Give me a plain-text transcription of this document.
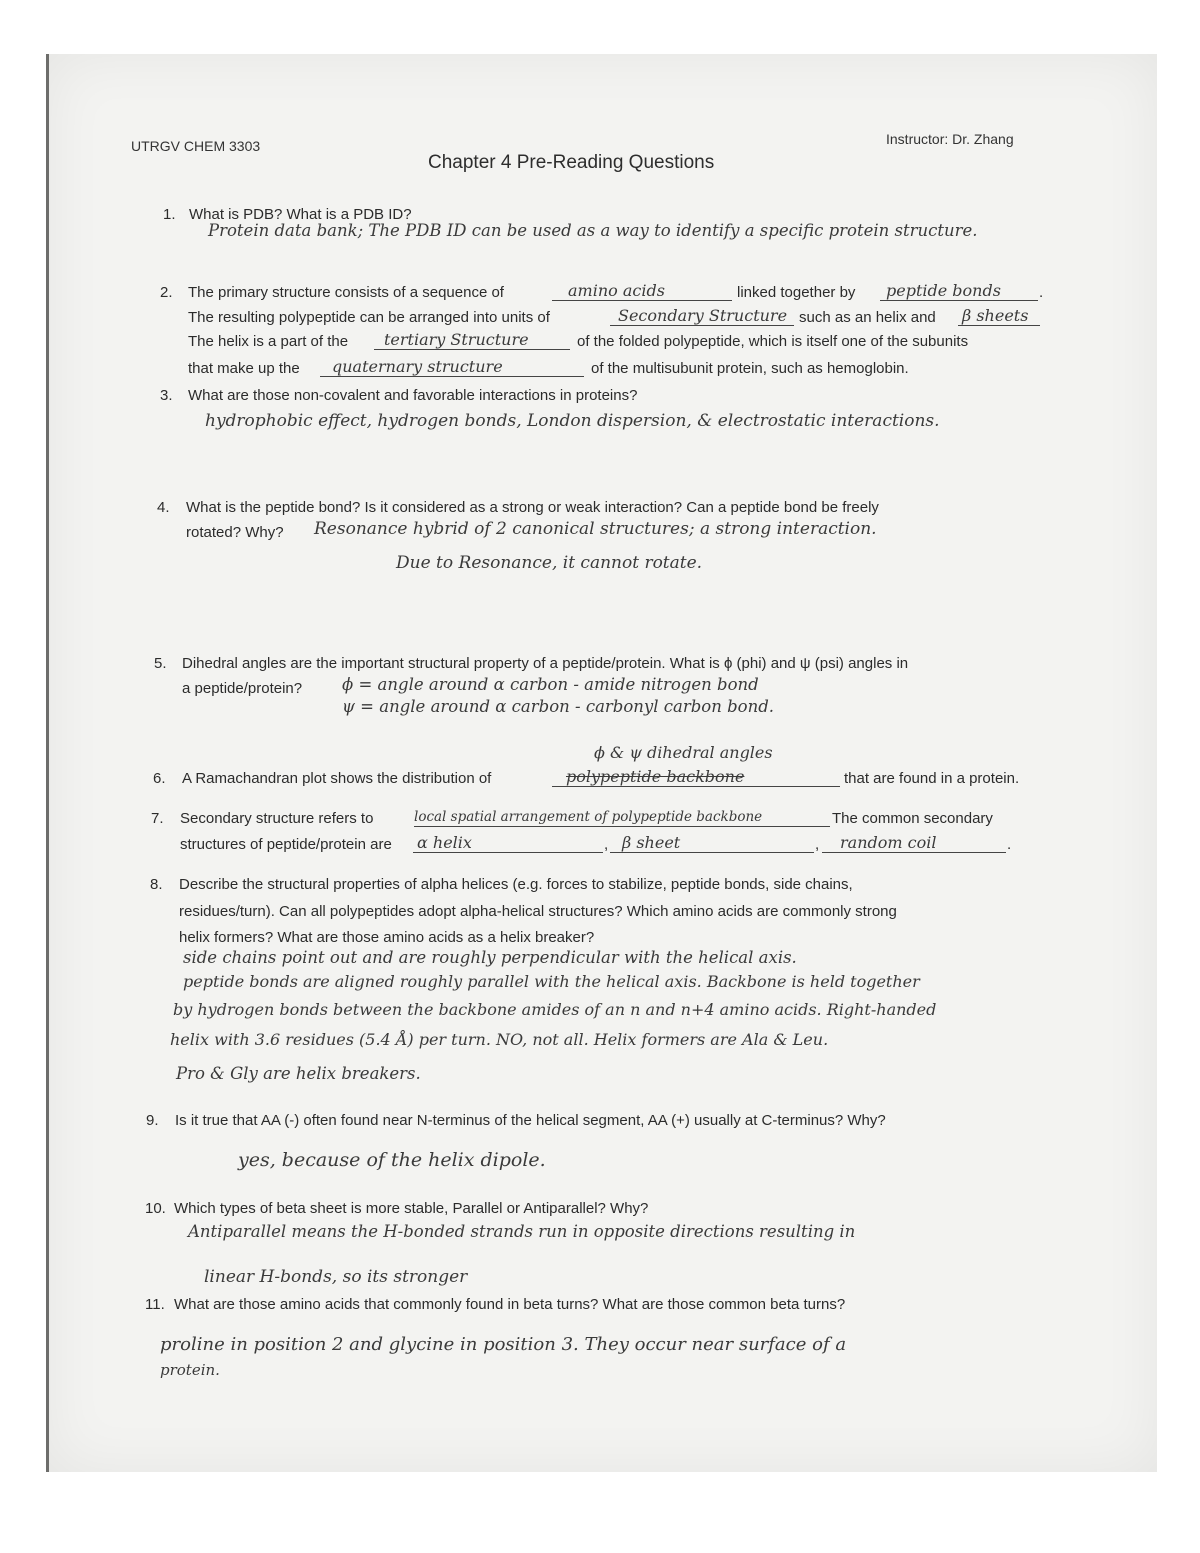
UTRGV CHEM 3303	Instructor: Dr. Zhang
Chapter 4 Pre-Reading Questions
1. What is PDB? What is a PDB ID?
Protein data bank; The PDB ID can be used as a way to identify a specific protein structure.
2. The primary structure consists of a sequence of	amino acids	linked together by	peptide bonds	.
The resulting polypeptide can be arranged into units of	Secondary Structure such as an helix and β sheets
The helix is a part of the	tertiary Structure	of the folded polypeptide, which is itself one of the subunits
that make up the	quaternary structure	of the multisubunit protein, such as hemoglobin.
3. What are those non-covalent and favorable interactions in proteins?
hydrophobic effect, hydrogen bonds, London dispersion, & electrostatic interactions.
4. What is the peptide bond? Is it considered as a strong or weak interaction? Can a peptide bond be freely
rotated? Why? Resonance hybrid of 2 canonical structures; a strong interaction.
Due to Resonance, it cannot rotate.
5. Dihedral angles are the important structural property of a peptide/protein. What is ϕ (phi) and ψ (psi) angles in
a peptide/protein? ϕ = angle around α carbon - amide nitrogen bond
ψ = angle around α carbon - carbonyl carbon bond.
6. A Ramachandran plot shows the distribution of
ϕ & ψ dihedral angles
polypeptide backbone	that are found in a protein.
7. Secondary structure refers to	local spatial arrangement of polypeptide backbone	The common secondary
structures of peptide/protein are α helix	, β sheet	,	random coil	.
8. Describe the structural properties of alpha helices (e.g. forces to stabilize, peptide bonds, side chains,
residues/turn). Can all polypeptides adopt alpha-helical structures? Which amino acids are commonly strong
helix formers? What are those amino acids as a helix breaker?
side chains point out and are roughly perpendicular with the helical axis.
peptide bonds are aligned roughly parallel with the helical axis. Backbone is held together
by hydrogen bonds between the backbone amides of an n and n+4 amino acids. Right-handed
helix with 3.6 residues (5.4 Å) per turn. NO, not all. Helix formers are Ala & Leu.
Pro & Gly are helix breakers.
9. Is it true that AA (-) often found near N-terminus of the helical segment, AA (+) usually at C-terminus? Why?
yes, because of the helix dipole.
10. Which types of beta sheet is more stable, Parallel or Antiparallel? Why?
Antiparallel means the H-bonded strands run in opposite directions resulting in
linear H-bonds, so its stronger
11. What are those amino acids that commonly found in beta turns? What are those common beta turns?
proline in position 2 and glycine in position 3. They occur near surface of a
protein.
